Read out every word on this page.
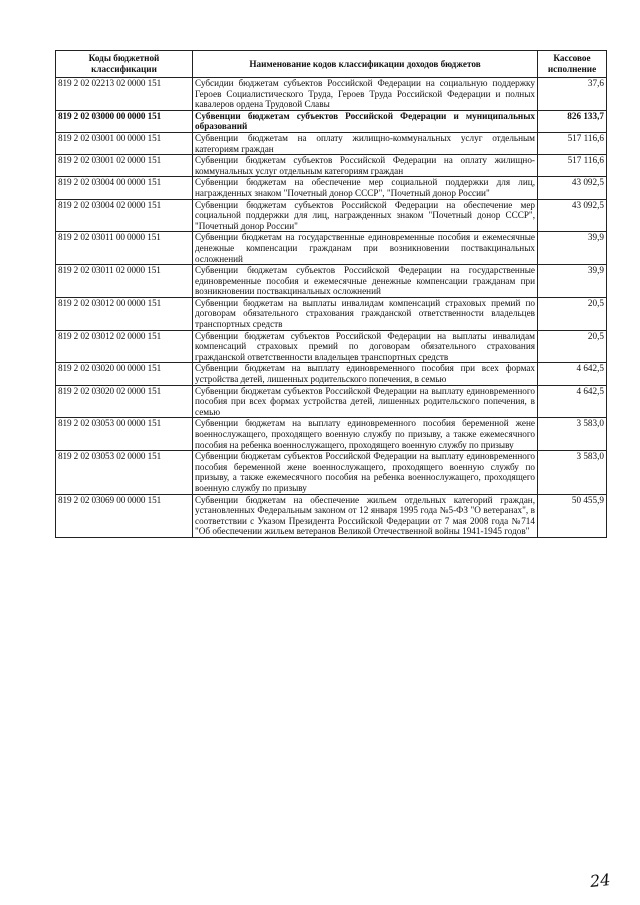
Коды бюджетной классификации	Наименование кодов классификации доходов бюджетов	Кассовое исполнение
819 2 02 02213 02 0000 151	Субсидии бюджетам субъектов Российской Федерации на социальную поддержку Героев Социалистического Труда, Героев Труда Российской Федерации и полных кавалеров ордена Трудовой Славы	37,6
819 2 02 03000 00 0000 151	Субвенции бюджетам субъектов Российской Федерации и муниципальных образований	826 133,7
819 2 02 03001 00 0000 151	Субвенции бюджетам на оплату жилищно-коммунальных услуг отдельным категориям граждан	517 116,6
819 2 02 03001 02 0000 151	Субвенции бюджетам субъектов Российской Федерации на оплату жилищно-коммунальных услуг отдельным категориям граждан	517 116,6
819 2 02 03004 00 0000 151	Субвенции бюджетам на обеспечение мер социальной поддержки для лиц, награжденных знаком "Почетный донор СССР", "Почетный донор России"	43 092,5
819 2 02 03004 02 0000 151	Субвенции бюджетам субъектов Российской Федерации на обеспечение мер социальной поддержки для лиц, награжденных знаком "Почетный донор СССР", "Почетный донор России"	43 092,5
819 2 02 03011 00 0000 151	Субвенции бюджетам на государственные единовременные пособия и ежемесячные денежные компенсации гражданам при возникновении поствакцинальных осложнений	39,9
819 2 02 03011 02 0000 151	Субвенции бюджетам субъектов Российской Федерации на государственные единовременные пособия и ежемесячные денежные компенсации гражданам при возникновении поствакцинальных осложнений	39,9
819 2 02 03012 00 0000 151	Субвенции бюджетам на выплаты инвалидам компенсаций страховых премий по договорам обязательного страхования гражданской ответственности владельцев транспортных средств	20,5
819 2 02 03012 02 0000 151	Субвенции бюджетам субъектов Российской Федерации на выплаты инвалидам компенсаций страховых премий по договорам обязательного страхования гражданской ответственности владельцев транспортных средств	20,5
819 2 02 03020 00 0000 151	Субвенции бюджетам на выплату единовременного пособия при всех формах устройства детей, лишенных родительского попечения, в семью	4 642,5
819 2 02 03020 02 0000 151	Субвенции бюджетам субъектов Российской Федерации на выплату единовременного пособия при всех формах устройства детей, лишенных родительского попечения, в семью	4 642,5
819 2 02 03053 00 0000 151	Субвенции бюджетам на выплату единовременного пособия беременной жене военнослужащего, проходящего военную службу по призыву, а также ежемесячного пособия на ребенка военнослужащего, проходящего военную службу по призыву	3 583,0
819 2 02 03053 02 0000 151	Субвенции бюджетам субъектов Российской Федерации на выплату единовременного пособия беременной жене военнослужащего, проходящего военную службу по призыву, а также ежемесячного пособия на ребенка военнослужащего, проходящего военную службу по призыву	3 583,0
819 2 02 03069 00 0000 151	Субвенции бюджетам на обеспечение жильем отдельных категорий граждан, установленных Федеральным законом от 12 января 1995 года №5-ФЗ "О ветеранах", в соответствии с Указом Президента Российской Федерации от 7 мая 2008 года №714 "Об обеспечении жильем ветеранов Великой Отечественной войны 1941-1945 годов"	50 455,9
24
